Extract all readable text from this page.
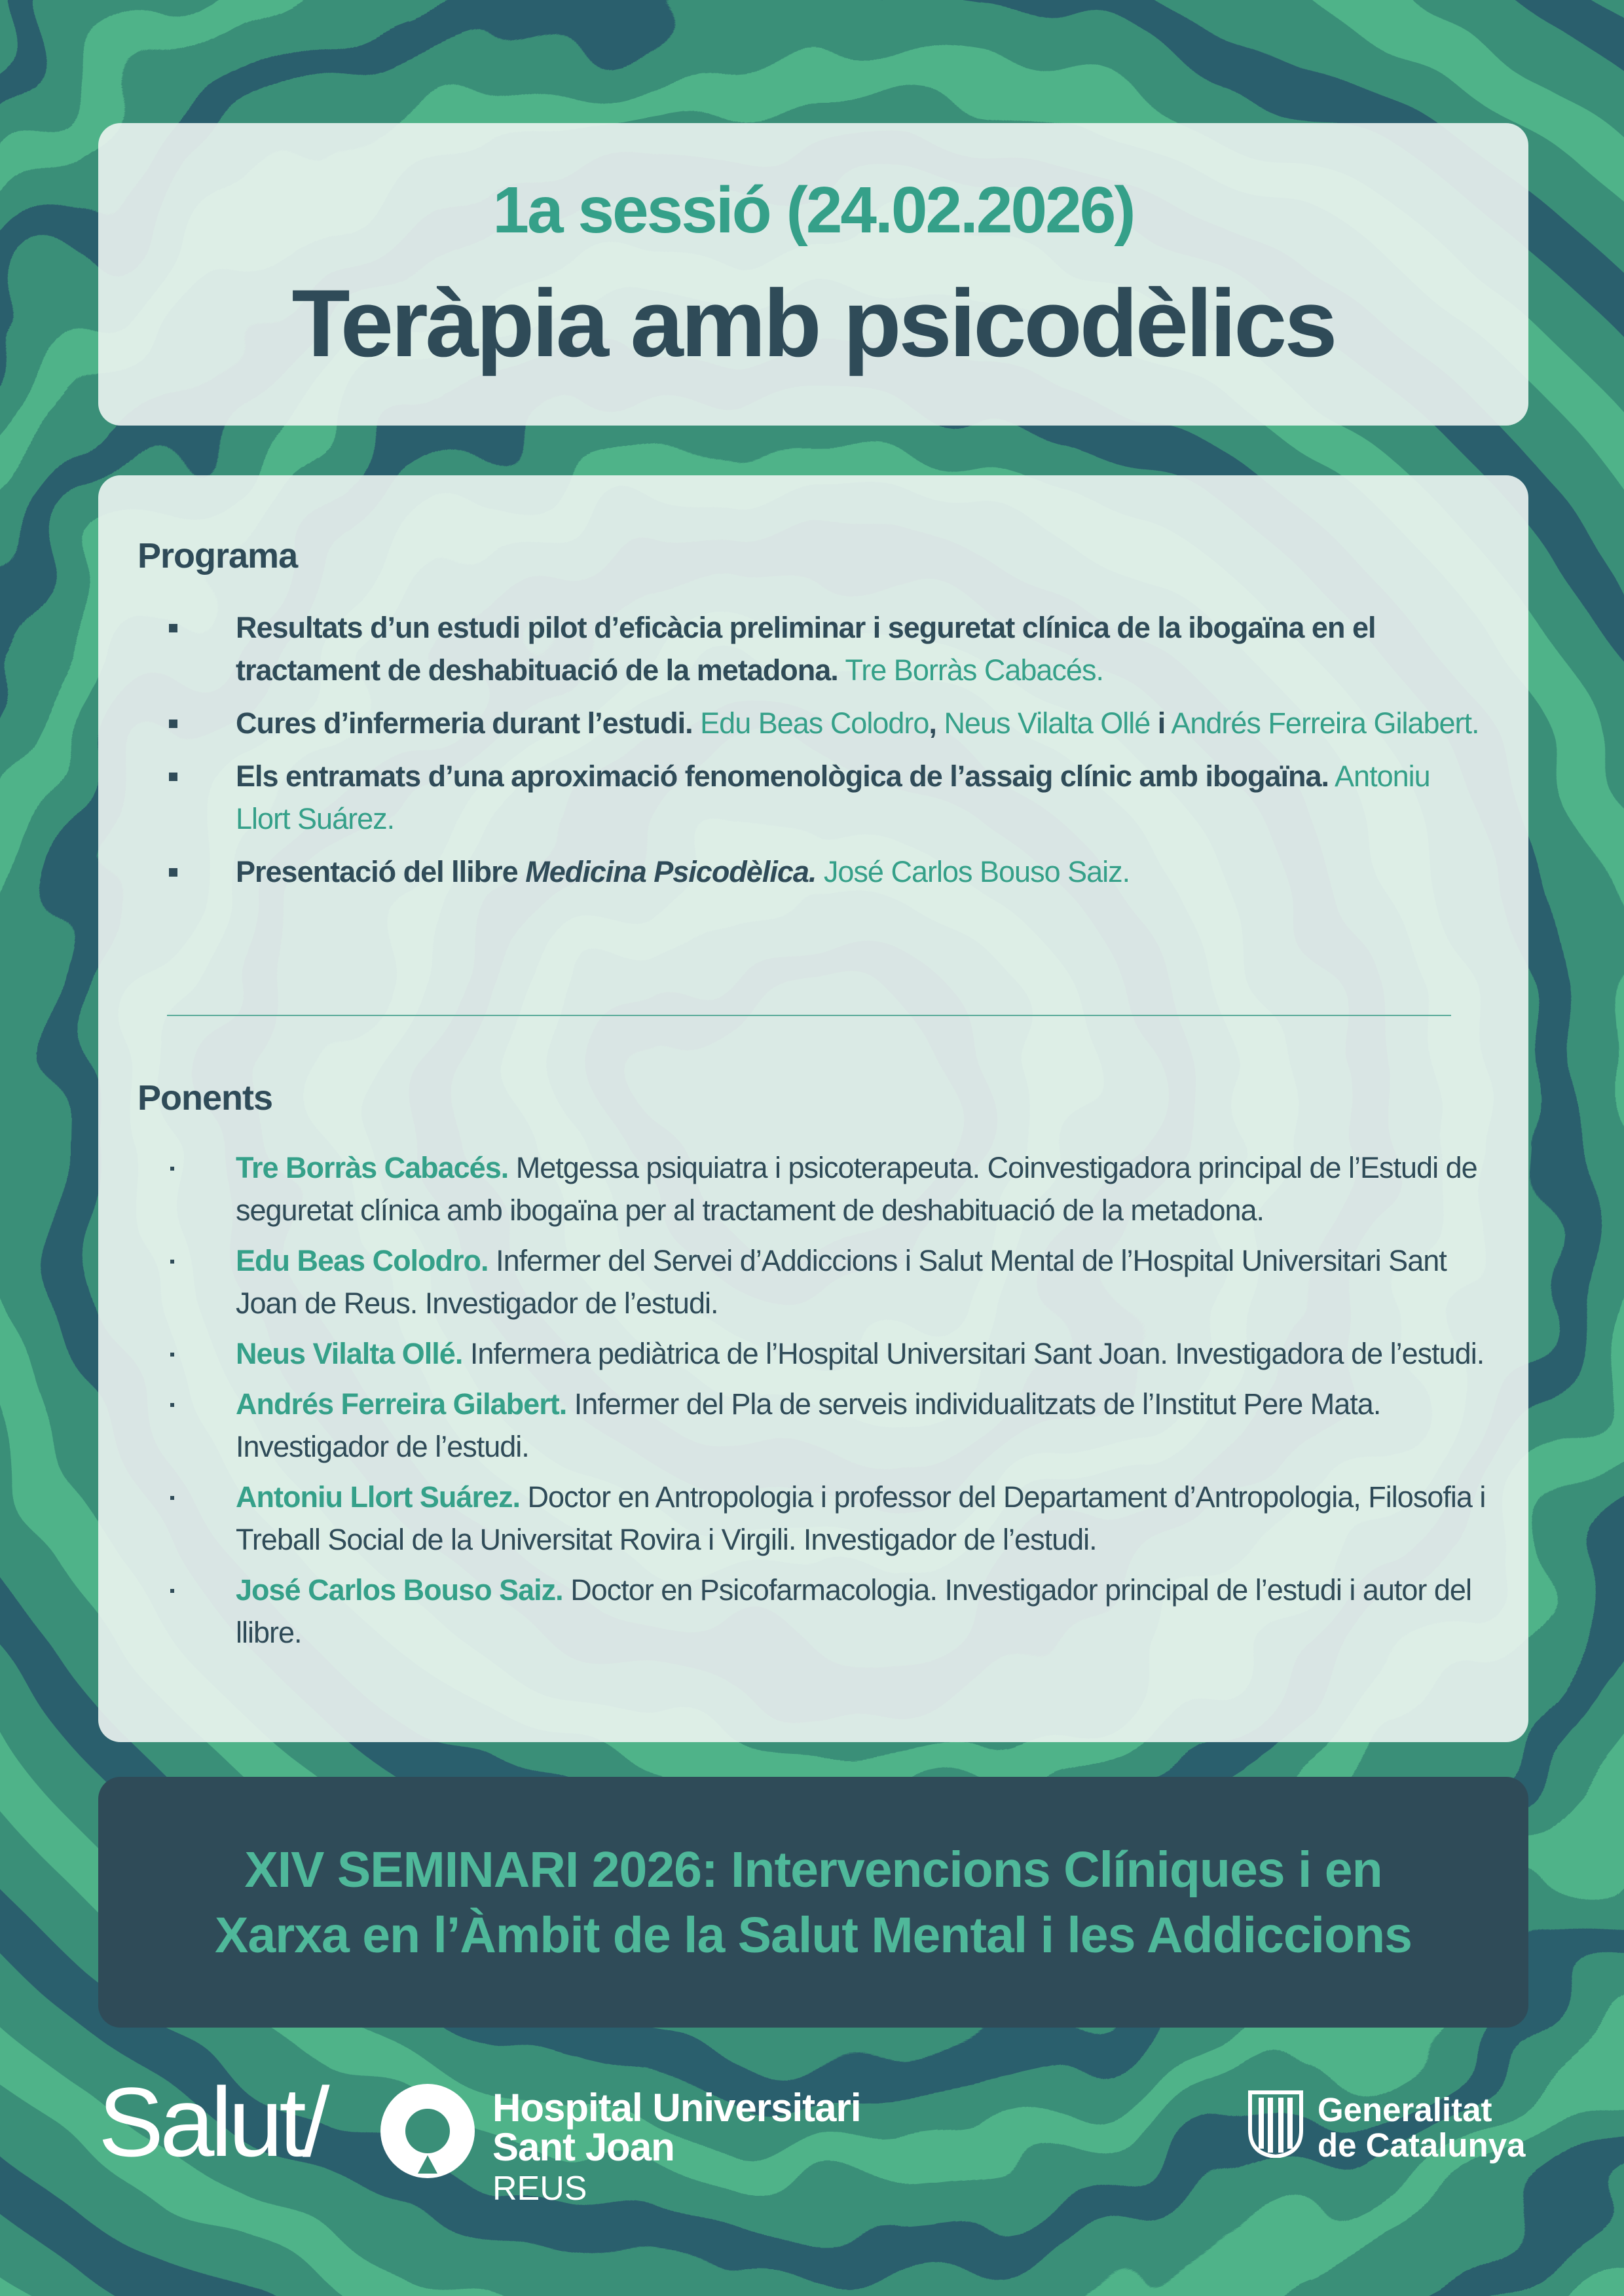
1a sessió (24.02.2026)
Teràpia amb psicodèlics
Programa
Resultats d’un estudi pilot d’eficàcia preliminar i seguretat clínica de la ibogaïna en el tractament de deshabituació de la metadona. Tre Borràs Cabacés.
Cures d’infermeria durant l’estudi. Edu Beas Colodro, Neus Vilalta Ollé i Andrés Ferreira Gilabert.
Els entramats d’una aproximació fenomenològica de l’assaig clínic amb ibogaïna. Antoniu Llort Suárez.
Presentació del llibre Medicina Psicodèlica. José Carlos Bouso Saiz.
Ponents
Tre Borràs Cabacés. Metgessa psiquiatra i psicoterapeuta. Coinvestigadora principal de l’Estudi de seguretat clínica amb ibogaïna per al tractament de deshabituació de la metadona.
Edu Beas Colodro. Infermer del Servei d’Addiccions i Salut Mental de l’Hospital Universitari Sant Joan de Reus. Investigador de l’estudi.
Neus Vilalta Ollé. Infermera pediàtrica de l’Hospital Universitari Sant Joan. Investigadora de l’estudi.
Andrés Ferreira Gilabert. Infermer del Pla de serveis individualitzats de l’Institut Pere Mata. Investigador de l’estudi.
Antoniu Llort Suárez. Doctor en Antropologia i professor del Departament d’Antropologia, Filosofia i Treball Social de la Universitat Rovira i Virgili. Investigador de l’estudi.
José Carlos Bouso Saiz. Doctor en Psicofarmacologia. Investigador principal de l’estudi i autor del llibre.
XIV SEMINARI 2026: Intervencions Clíniques i en
Xarxa en l’Àmbit de la Salut Mental i les Addiccions
Salut/	Hospital Universitari
Sant Joan
REUS
Generalitat
de Catalunya
